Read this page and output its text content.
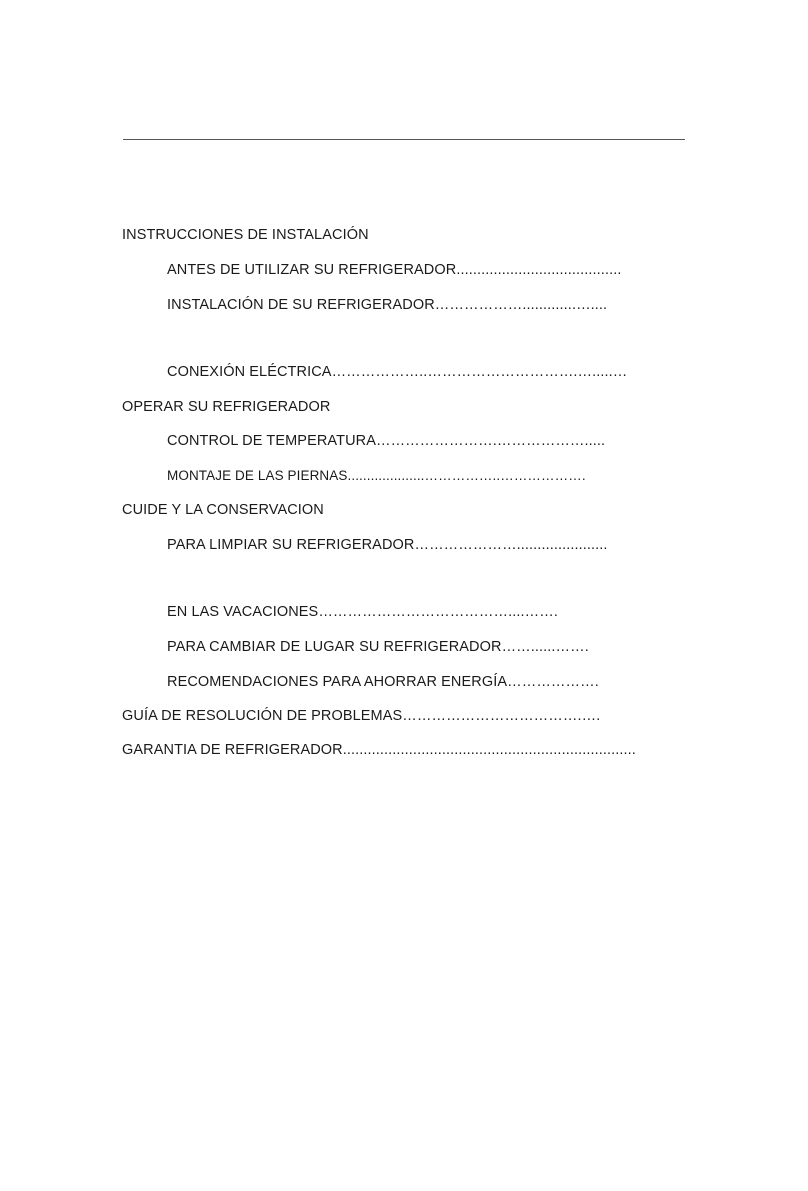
INSTRUCCIONES DE INSTALACIÓN
ANTES DE UTILIZAR SU REFRIGERADOR........................................
INSTALACIÓN DE SU REFRIGERADOR……………….............…....
CONEXIÓN ELÉCTRICA………………..………………………….….....…
OPERAR SU REFRIGERADOR
CONTROL DE TEMPERATURA…………………….……………….....
MONTAJE DE LAS PIERNAS....................……………..……………….
CUIDE Y LA CONSERVACION
PARA LIMPIAR SU REFRIGERADOR…………………......................
EN LAS VACACIONES…………………………………....…….
PARA CAMBIAR DE LUGAR SU REFRIGERADOR……......…….
RECOMENDACIONES PARA AHORRAR ENERGÍA……………….
GUÍA DE RESOLUCIÓN DE PROBLEMAS……………………………….….
GARANTIA DE REFRIGERADOR.......................................................................
